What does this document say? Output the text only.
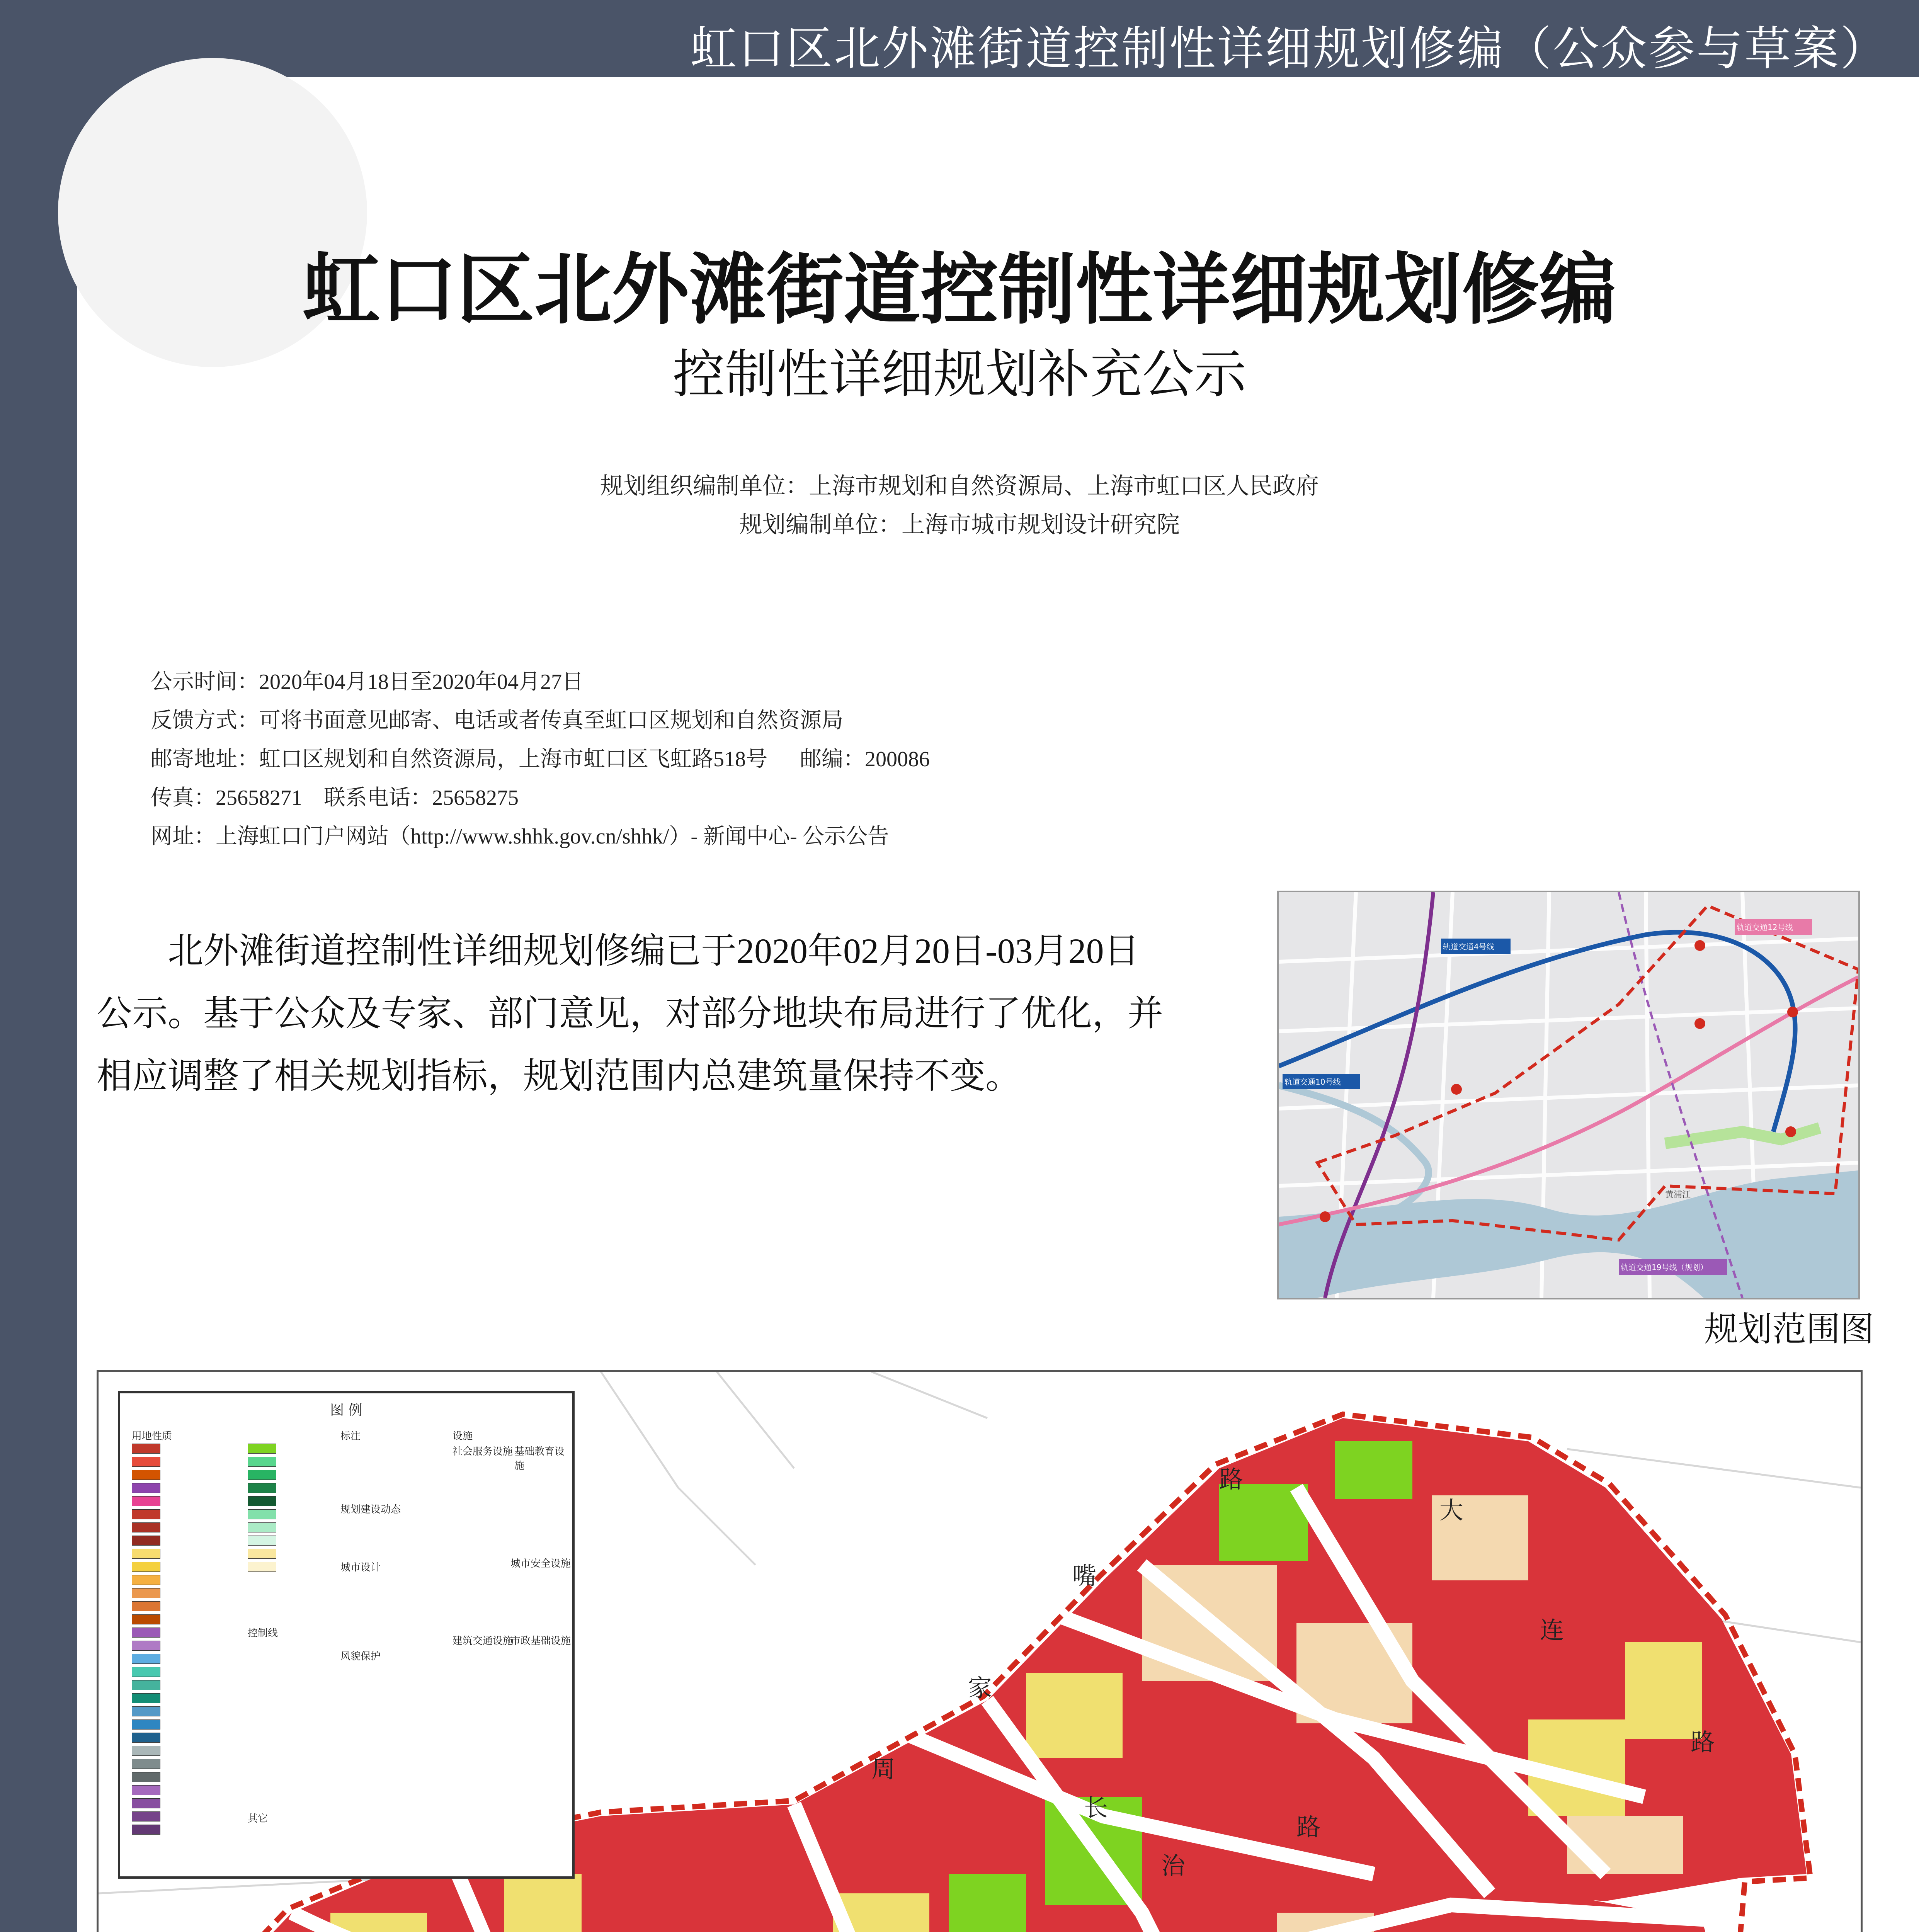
虹口区北外滩街道控制性详细规划修编（公众参与草案）
虹口区北外滩街道控制性详细规划修编
控制性详细规划补充公示
规划组织编制单位：上海市规划和自然资源局、上海市虹口区人民政府
规划编制单位：上海市城市规划设计研究院
公示时间：2020年04月18日至2020年04月27日
反馈方式：可将书面意见邮寄、电话或者传真至虹口区规划和自然资源局
邮寄地址：虹口区规划和自然资源局，上海市虹口区飞虹路518号      邮编：200086
传真：25658271    联系电话：25658275
网址：上海虹口门户网站（http://www.shhk.gov.cn/shhk/）- 新闻中心- 公示公告
北外滩街道控制性详细规划修编已于2020年02月20日-03月20日公示。基于公众及专家、部门意见，对部分地块布局进行了优化，并相应调整了相关规划指标，规划范围内总建筑量保持不变。
轨道交通4号线
轨道交通12号线
轨道交通10号线
轨道交通19号线（规划）
黄浦江
规划范围图
周
家
嘴
路
大
连
路
长
治
路
图 例
用地性质	标注
规划建设动态
城市设计
控制线
风貌保护
其它
设施
社会服务设施 基础教育设施
城市安全设施
建筑交通设施
市政基础设施
